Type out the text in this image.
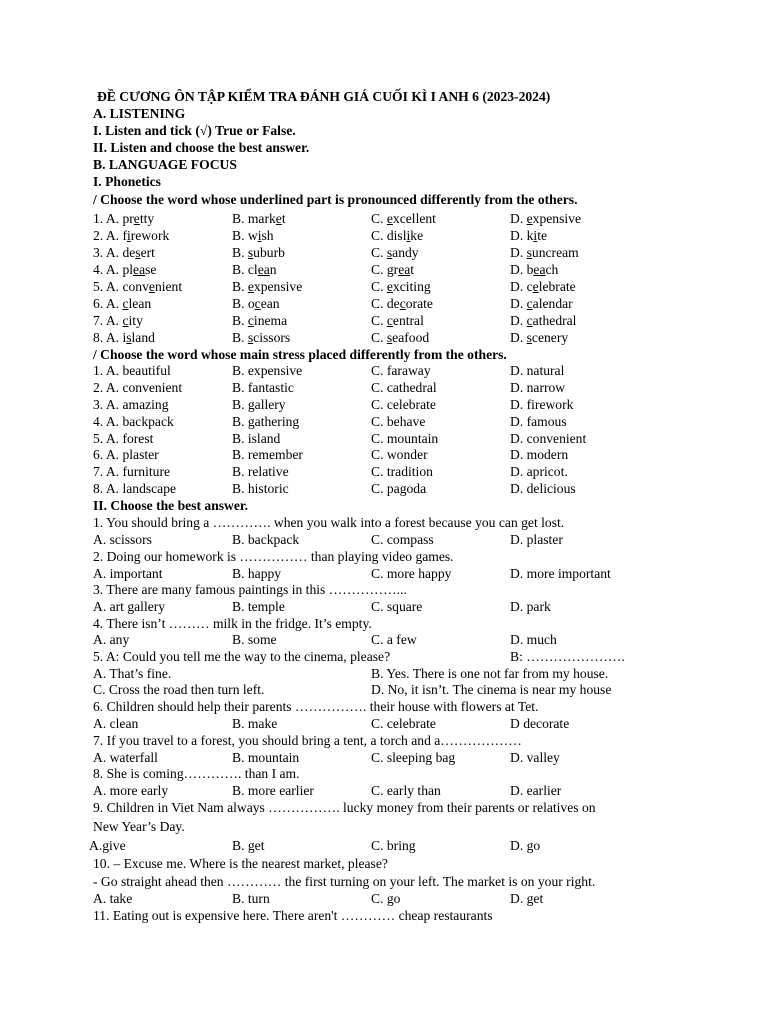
ĐỀ CƯƠNG ÔN TẬP KIỂM TRA ĐÁNH GIÁ CUỐI KÌ I ANH 6 (2023-2024)
A. LISTENING
I. Listen and tick (√) True or False.
II. Listen and choose the best answer.
B. LANGUAGE FOCUS
I. Phonetics
/ Choose the word whose underlined part is pronounced differently from the others.
1. A. pretty	B. market	C. excellent	D. expensive
2. A. firework	B. wish	C. dislike	D. kite
3. A. desert	B. suburb	C. sandy	D. suncream
4. A. please	B. clean	C. great	D. beach
5. A. convenient	B. expensive	C. exciting	D. celebrate
6. A. clean	B. ocean	C. decorate	D. calendar
7. A. city	B. cinema	C. central	D. cathedral
8. A. island	B. scissors	C. seafood	D. scenery
/ Choose the word whose main stress placed differently from the others.
1. A. beautiful	B. expensive	C. faraway	D. natural
2. A. convenient	B. fantastic	C. cathedral	D. narrow
3. A. amazing	B. gallery	C. celebrate	D. firework
4. A. backpack	B. gathering	C. behave	D. famous
5. A. forest	B. island	C. mountain	D. convenient
6. A. plaster	B. remember	C. wonder	D. modern
7. A. furniture	B. relative	C. tradition	D. apricot.
8. A. landscape	B. historic	C. pagoda	D. delicious
II. Choose the best answer.
1. You should bring a …………. when you walk into a forest because you can get lost.
A. scissors	B. backpack	C. compass	D. plaster
2. Doing our homework is …………… than playing video games.
A. important	B. happy	C. more happy	D. more important
3. There are many famous paintings in this ……………...
A. art gallery	B. temple	C. square	D. park
4. There isn’t ……… milk in the fridge. It’s empty.
A. any	B. some	C. a few	D. much
5. A: Could you tell me the way to the cinema, please?	B: ………………….
A. That’s fine.	B. Yes. There is one not far from my house.
C. Cross the road then turn left.	D. No, it isn’t. The cinema is near my house
6. Children should help their parents ……………. their house with flowers at Tet.
A. clean	B. make	C. celebrate	D decorate
7. If you travel to a forest, you should bring a tent, a torch and a………………
A. waterfall	B. mountain	C. sleeping bag	D. valley
8. She is coming…………. than I am.
A. more early	B. more earlier	C. early than	D. earlier
9. Children in Viet Nam always ……………. lucky money from their parents or relatives on
New Year’s Day.
A.give	B. get	C. bring	D. go
10. – Excuse me. Where is the nearest market, please?
- Go straight ahead then ………… the first turning on your left. The market is on your right.
A. take	B. turn	C. go	D. get
11. Eating out is expensive here. There aren't ………… cheap restaurants
